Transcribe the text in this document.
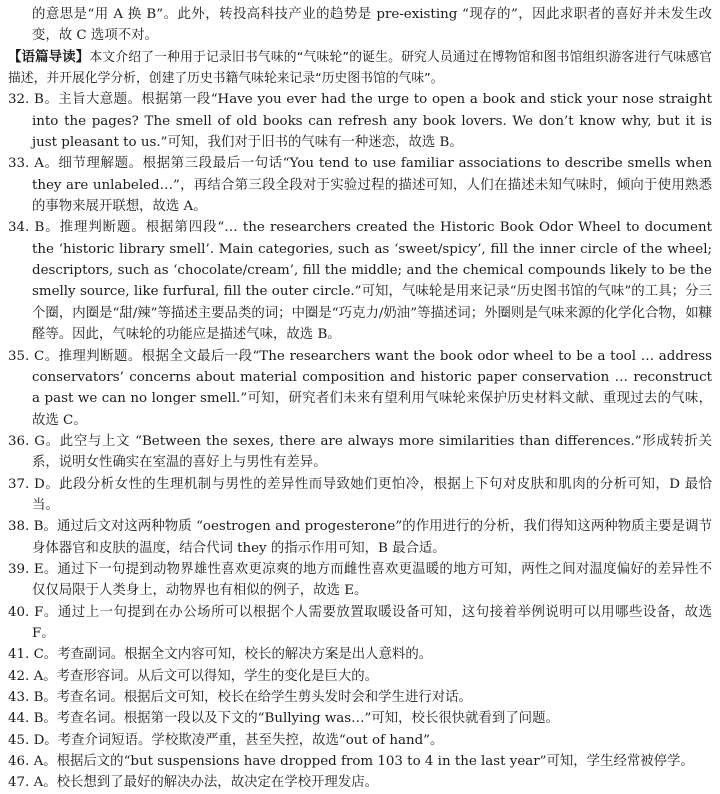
的意思是“用 A 换 B”。此外，转投高科技产业的趋势是 pre-existing “现存的”，因此求职者的喜好并未发生改变，故 C 选项不对。

【语篇导读】本文介绍了一种用于记录旧书气味的“气味轮”的诞生。研究人员通过在博物馆和图书馆组织游客进行气味感官描述，并开展化学分析，创建了历史书籍气味轮来记录“历史图书馆的气味”。

32. B。主旨大意题。根据第一段“Have you ever had the urge to open a book and stick your nose straight into the pages? The smell of old books can refresh any book lovers. We don’t know why, but it is just pleasant to us.”可知，我们对于旧书的气味有一种迷恋，故选 B。

33. A。细节理解题。根据第三段最后一句话“You tend to use familiar associations to describe smells when they are unlabeled…”，再结合第三段全段对于实验过程的描述可知，人们在描述未知气味时，倾向于使用熟悉的事物来展开联想，故选 A。

34. B。推理判断题。根据第四段“… the researchers created the Historic Book Odor Wheel to document the ‘historic library smell’. Main categories, such as ‘sweet/spicy’, fill the inner circle of the wheel; descriptors, such as ‘chocolate/cream’, fill the middle; and the chemical compounds likely to be the smelly source, like furfural, fill the outer circle.”可知，气味轮是用来记录“历史图书馆的气味”的工具；分三个圈，内圈是“甜/辣”等描述主要品类的词；中圈是“巧克力/奶油”等描述词；外圈则是气味来源的化学化合物，如糠醛等。因此，气味轮的功能应是描述气味，故选 B。

35. C。推理判断题。根据全文最后一段“The researchers want the book odor wheel to be a tool … address conservators’ concerns about material composition and historic paper conservation … reconstruct a past we can no longer smell.”可知，研究者们未来有望利用气味轮来保护历史材料文献、重现过去的气味，故选 C。

36. G。此空与上文 “Between the sexes, there are always more similarities than differences.”形成转折关系，说明女性确实在室温的喜好上与男性有差异。

37. D。此段分析女性的生理机制与男性的差异性而导致她们更怕冷，根据上下句对皮肤和肌肉的分析可知，D 最恰当。

38. B。通过后文对这两种物质 “oestrogen and progesterone”的作用进行的分析，我们得知这两种物质主要是调节身体器官和皮肤的温度，结合代词 they 的指示作用可知，B 最合适。

39. E。通过下一句提到动物界雄性喜欢更凉爽的地方而雌性喜欢更温暖的地方可知，两性之间对温度偏好的差异性不仅仅局限于人类身上，动物界也有相似的例子，故选 E。

40. F。通过上一句提到在办公场所可以根据个人需要放置取暖设备可知，这句接着举例说明可以用哪些设备，故选 F。

41. C。考查副词。根据全文内容可知，校长的解决方案是出人意料的。

42. A。考查形容词。从后文可以得知，学生的变化是巨大的。

43. B。考查名词。根据后文可知，校长在给学生剪头发时会和学生进行对话。

44. B。考查名词。根据第一段以及下文的“Bullying was…”可知，校长很快就看到了问题。

45. D。考查介词短语。学校欺凌严重，甚至失控，故选“out of hand”。

46. A。根据后文的“but suspensions have dropped from 103 to 4 in the last year”可知，学生经常被停学。

47. A。校长想到了最好的解决办法，故决定在学校开理发店。
